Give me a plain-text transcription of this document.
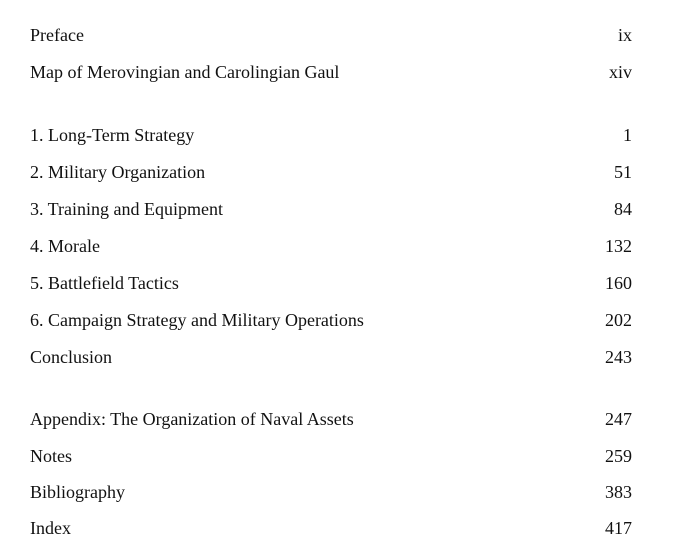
Preface	ix
Map of Merovingian and Carolingian Gaul	xiv
1. Long-Term Strategy	1
2. Military Organization	51
3. Training and Equipment	84
4. Morale	132
5. Battlefield Tactics	160
6. Campaign Strategy and Military Operations	202
Conclusion	243
Appendix: The Organization of Naval Assets	247
Notes	259
Bibliography	383
Index	417
